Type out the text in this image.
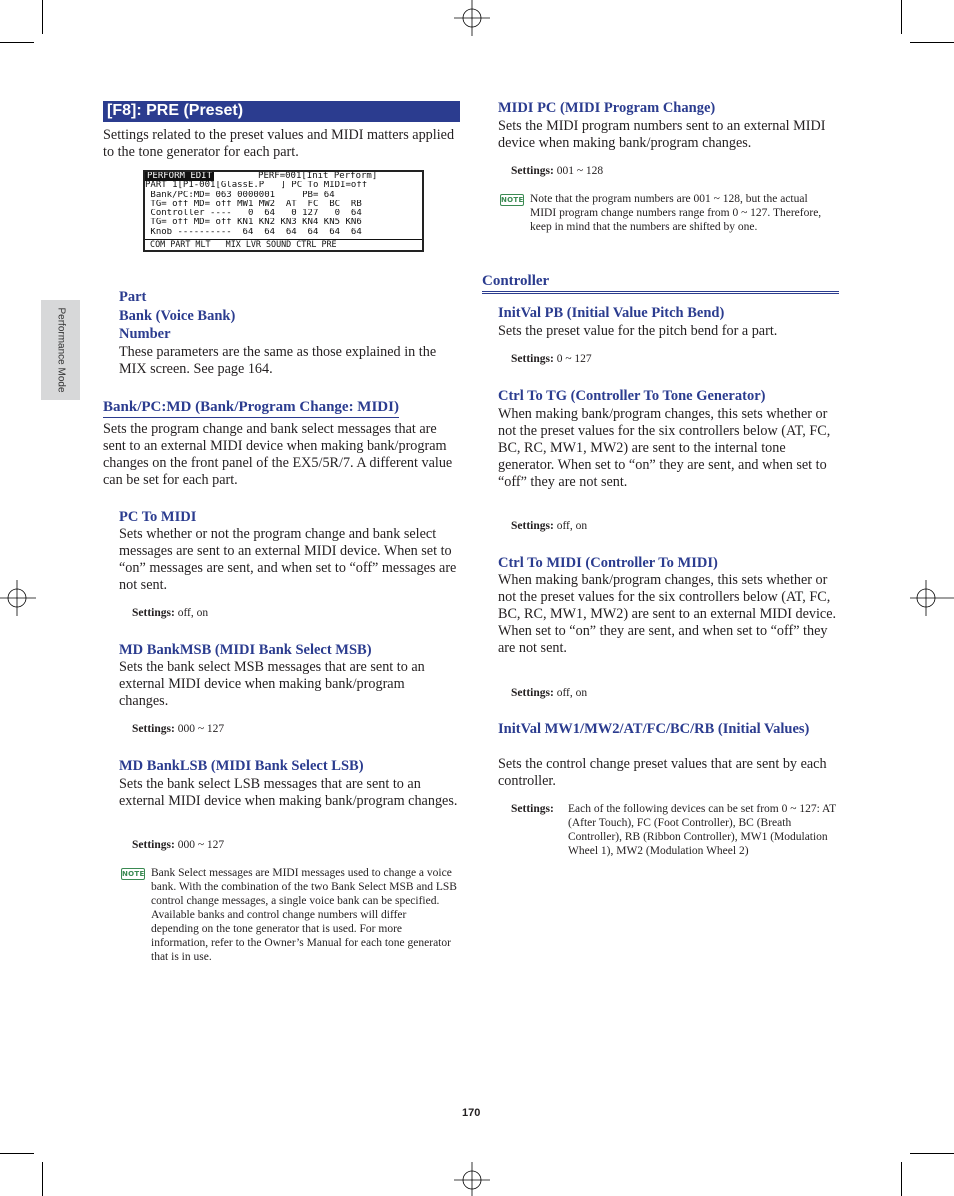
Performance Mode
[F8]: PRE (Preset)
Settings related to the preset values and MIDI matters applied to the tone generator for each part.
PERFORM EDIT	PERF=001[Init Perform]
PART 1[P1-001[GlassE.P   ] PC To MIDI=off
Bank/PC:MD= 063 0000001     PB= 64
TG= off MD= off MW1 MW2  AT  FC  BC  RB
Controller ----   0  64   0 127   0  64
TG= off MD= off KN1 KN2 KN3 KN4 KN5 KN6
Knob ----------  64  64  64  64  64  64
COM PART MLT   MIX LVR SOUND CTRL PRE
Part
Bank (Voice Bank)
Number
These parameters are the same as those explained in the MIX screen. See page 164.
Bank/PC:MD (Bank/Program Change: MIDI)
Sets the program change and bank select messages that are sent to an external MIDI device when making bank/program changes on the front panel of the EX5/5R/7. A different value can be set for each part.
PC To MIDI
Sets whether or not the program change and bank select messages are sent to an external MIDI device. When set to “on” messages are sent, and when set to “off” messages are not sent.
Settings: off, on
MD BankMSB (MIDI Bank Select MSB)
Sets the bank select MSB messages that are sent to an external MIDI device when making bank/program changes.
Settings: 000 ~ 127
MD BankLSB (MIDI Bank Select LSB)
Sets the bank select LSB messages that are sent to an external MIDI device when making bank/program changes.
Settings: 000 ~ 127
NOTE Bank Select messages are MIDI messages used to change a voice bank. With the combination of the two Bank Select MSB and LSB control change messages, a single voice bank can be specified. Available banks and control change numbers will differ depending on the tone generator that is used. For more information, refer to the Owner’s Manual for each tone generator that is in use.
MIDI PC (MIDI Program Change)
Sets the MIDI program numbers sent to an external MIDI device when making bank/program changes.
Settings: 001 ~ 128
NOTE Note that the program numbers are 001 ~ 128, but the actual MIDI program change numbers range from 0 ~ 127. Therefore, keep in mind that the numbers are shifted by one.
Controller
InitVal PB (Initial Value Pitch Bend)
Sets the preset value for the pitch bend for a part.
Settings: 0 ~ 127
Ctrl To TG (Controller To Tone Generator)
When making bank/program changes, this sets whether or not the preset values for the six controllers below (AT, FC, BC, RC, MW1, MW2) are sent to the internal tone generator. When set to “on” they are sent, and when set to “off” they are not sent.
Settings: off, on
Ctrl To MIDI (Controller To MIDI)
When making bank/program changes, this sets whether or not the preset values for the six controllers below (AT, FC, BC, RC, MW1, MW2) are sent to an external MIDI device. When set to “on” they are sent, and when set to “off” they are not sent.
Settings: off, on
InitVal MW1/MW2/AT/FC/BC/RB (Initial Values)
Sets the control change preset values that are sent by each controller.
Settings: Each of the following devices can be set from 0 ~ 127: AT (After Touch), FC (Foot Controller), BC (Breath Controller), RB (Ribbon Controller), MW1 (Modulation Wheel 1), MW2 (Modulation Wheel 2)
170
